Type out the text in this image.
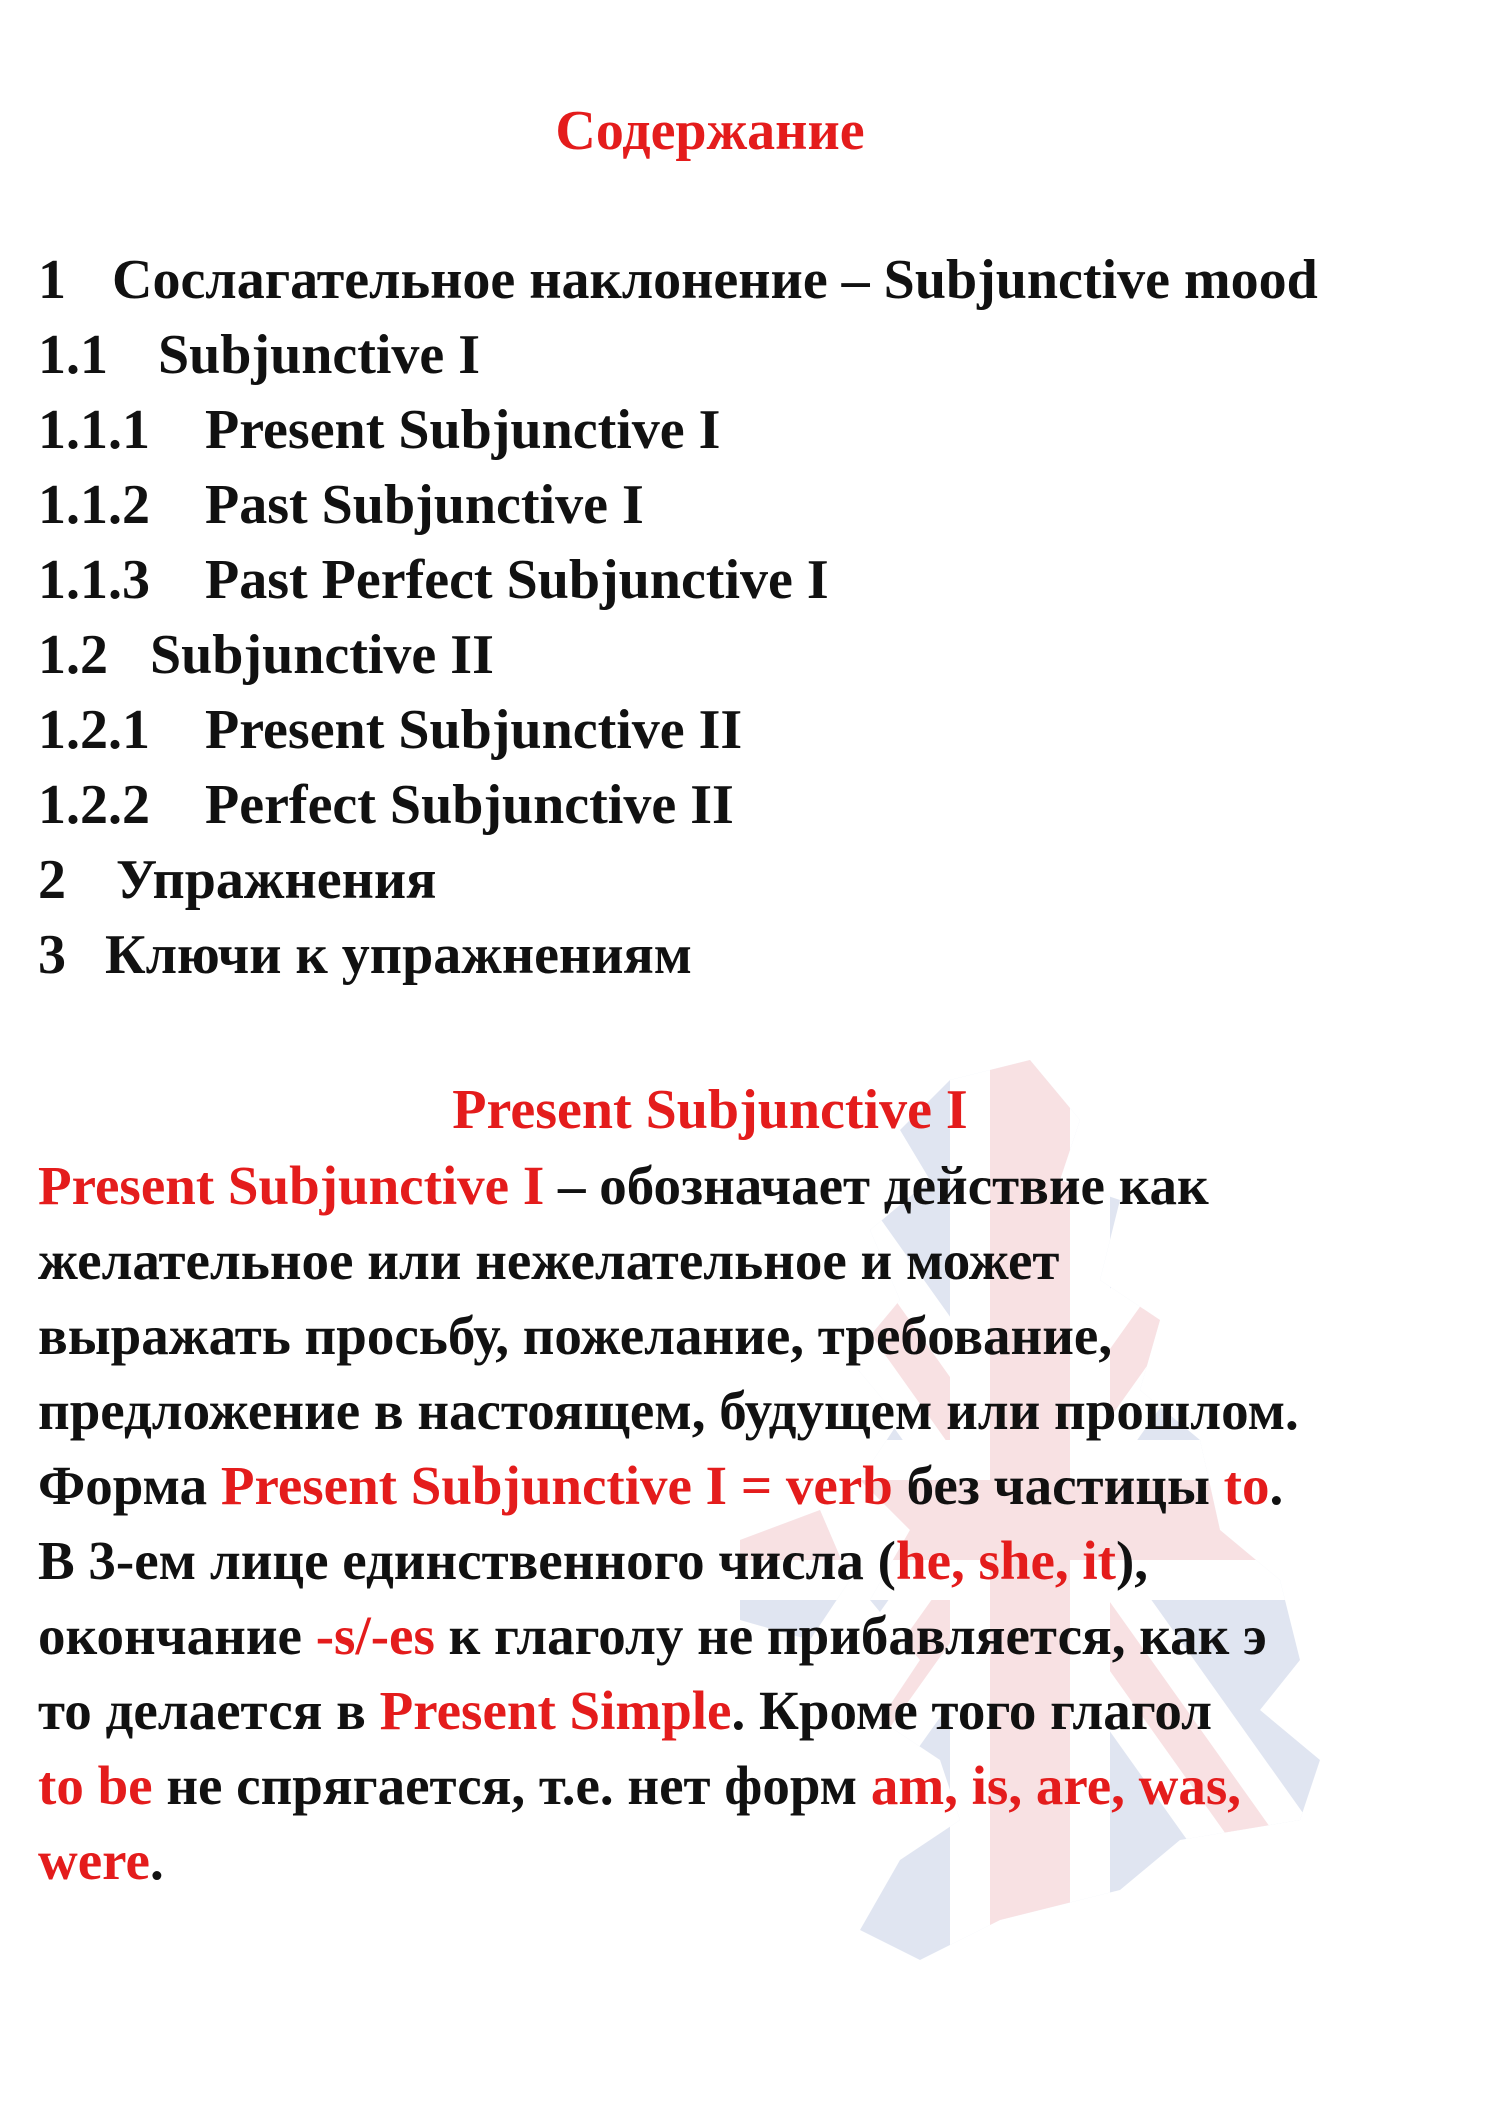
Содержание
1 Сослагательное наклонение – Subjunctive mood
1.1 Subjunctive I
1.1.1 Present Subjunctive I
1.1.2 Past Subjunctive I
1.1.3 Past Perfect Subjunctive I
1.2 Subjunctive II
1.2.1 Present Subjunctive II
1.2.2 Perfect Subjunctive II
2 Упражнения
3 Ключи к упражнениям
Present Subjunctive I
Present Subjunctive I – обозначает действие как
желательное или нежелательное и может
выражать просьбу, пожелание, требование,
предложение в настоящем, будущем или прошлом.
Форма Present Subjunctive I = verb без частицы to.
В 3-ем лице единственного числа (he, she, it),
окончание -s/-es к глаголу не прибавляется, как э
то делается в Present Simple. Кроме того глагол
to be не спрягается, т.е. нет форм am, is, are, was,
were.
